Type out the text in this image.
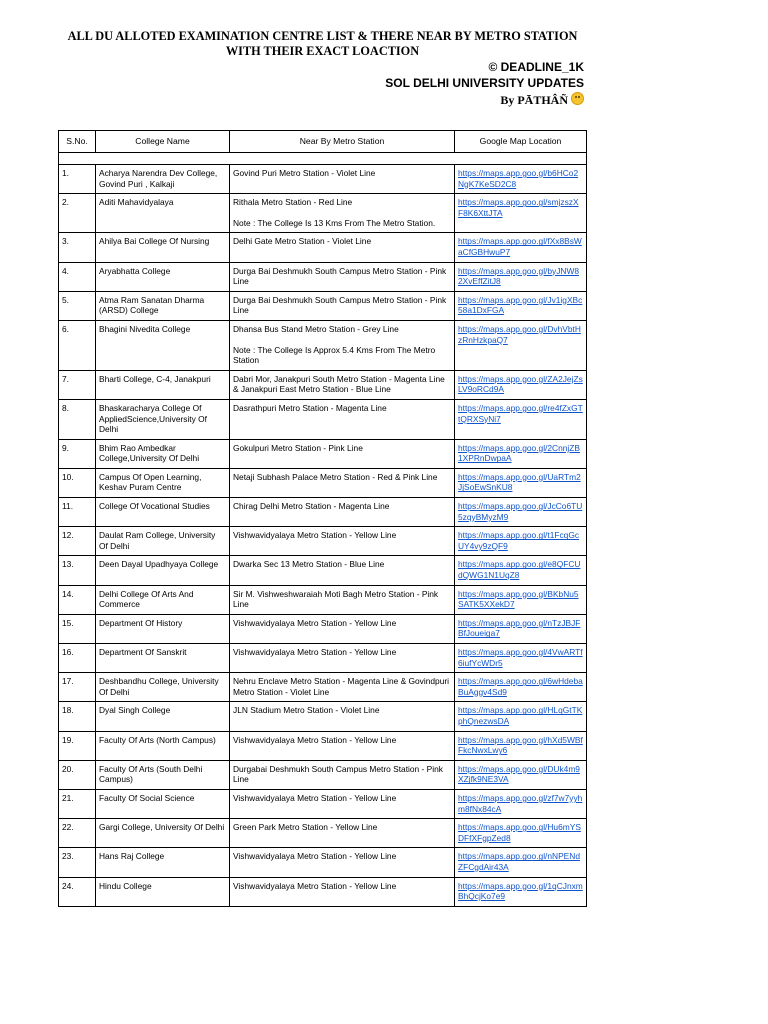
ALL DU ALLOTED EXAMINATION CENTRE LIST & THERE NEAR BY METRO STATION
WITH THEIR EXACT LOACTION
© DEADLINE_1K
SOL DELHI UNIVERSITY UPDATES
By PĀTHÂÑ
S.No.	College Name	Near By Metro Station	Google Map Location

1.	Acharya Narendra Dev College, Govind Puri , Kalkaji	Govind Puri Metro Station - Violet Line	https://maps.app.goo.gl/b6HCo2NgK7KeSD2C8
2.	Aditi Mahavidyalaya	Rithala Metro Station - Red Line
Note : The College Is 13 Kms From The Metro Station.	https://maps.app.goo.gl/smjzszXF8K6XttJTA
3.	Ahilya Bai College Of Nursing	Delhi Gate Metro Station - Violet Line	https://maps.app.goo.gl/fXx8BsWaCfGBHwuP7
4.	Aryabhatta College	Durga Bai Deshmukh South Campus Metro Station - Pink Line	https://maps.app.goo.gl/byJNW82XvEffZitJ8
5.	Atma Ram Sanatan Dharma (ARSD) College	Durga Bai Deshmukh South Campus Metro Station - Pink Line	https://maps.app.goo.gl/Jv1igXBc58a1DxFGA
6.	Bhagini Nivedita College	Dhansa Bus Stand Metro Station - Grey Line
Note : The College Is Approx 5.4 Kms From The Metro Station	https://maps.app.goo.gl/DvhVbtHzRnHzkpaQ7
7.	Bharti College, C-4, Janakpuri	Dabri Mor, Janakpuri South Metro Station - Magenta Line & Janakpuri East Metro Station - Blue Line	https://maps.app.goo.gl/ZA2JejZsLV9oRCd9A
8.	Bhaskaracharya College Of AppliedScience,University Of Delhi	Dasrathpuri Metro Station - Magenta Line	https://maps.app.goo.gl/re4fZxGTtQRXSyNi7
9.	Bhim Rao Ambedkar College,University Of Delhi	Gokulpuri Metro Station - Pink Line	https://maps.app.goo.gl/2CnnjZB1XPRnDwpaA
10.	Campus Of Open Learning, Keshav Puram Centre	Netaji Subhash Palace Metro Station - Red & Pink Line	https://maps.app.goo.gl/UaRTm2JjSoEwSnKU8
11.	College Of Vocational Studies	Chirag Delhi Metro Station - Magenta Line	https://maps.app.goo.gl/JcCo6TU5zqyBMyzM9
12.	Daulat Ram College, University Of Delhi	Vishwavidyalaya Metro Station - Yellow Line	https://maps.app.goo.gl/t1FcqGcUY4vy9zQF9
13.	Deen Dayal Upadhyaya College	Dwarka Sec 13 Metro Station - Blue Line	https://maps.app.goo.gl/e8QFCUdQWG1N1UqZ8
14.	Delhi College Of Arts And Commerce	Sir M. Vishweshwaraiah Moti Bagh Metro Station - Pink Line	https://maps.app.goo.gl/BKbNu5SATK5XXekD7
15.	Department Of History	Vishwavidyalaya Metro Station - Yellow Line	https://maps.app.goo.gl/nTzJBJFBfJoueiga7
16.	Department Of Sanskrit	Vishwavidyalaya Metro Station - Yellow Line	https://maps.app.goo.gl/4VwARTf6iufYcWDr5
17.	Deshbandhu College, University Of Delhi	Nehru Enclave Metro Station - Magenta Line & Govindpuri Metro Station - Violet Line	https://maps.app.goo.gl/6wHdebaBuAggv4Sd9
18.	Dyal Singh College	JLN Stadium Metro Station - Violet Line	https://maps.app.goo.gl/HLqGtTKphQnezwsDA
19.	Faculty Of Arts (North Campus)	Vishwavidyalaya Metro Station - Yellow Line	https://maps.app.goo.gl/hXd5WBfFkcNwxLwy6
20.	Faculty Of Arts (South Delhi Campus)	Durgabai Deshmukh South Campus Metro Station - Pink Line	https://maps.app.goo.gl/DUk4m9XZjfk9NE3VA
21.	Faculty Of Social Science	Vishwavidyalaya Metro Station - Yellow Line	https://maps.app.goo.gl/zf7w7yyhm8fNx84cA
22.	Gargi College, University Of Delhi	Green Park Metro Station - Yellow Line	https://maps.app.goo.gl/Hu6mYSDFfXFgpZed8
23.	Hans Raj College	Vishwavidyalaya Metro Station - Yellow Line	https://maps.app.goo.gl/nNPENdZFCgdAir43A
24.	Hindu College	Vishwavidyalaya Metro Station - Yellow Line	https://maps.app.goo.gl/1qCJnxmBhQcjKo7e9
